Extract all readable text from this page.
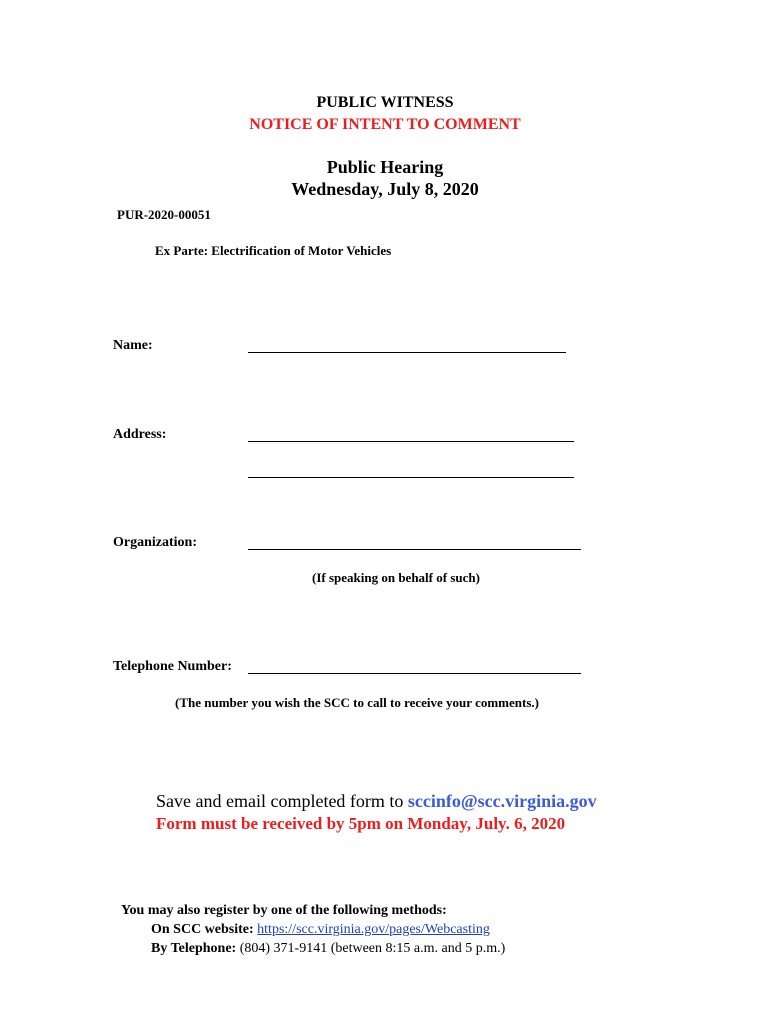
PUBLIC WITNESS
NOTICE OF INTENT TO COMMENT
Public Hearing
Wednesday, July 8, 2020
PUR-2020-00051
Ex Parte: Electrification of Motor Vehicles
Name:
Address:
Organization:
(If speaking on behalf of such)
Telephone Number:
(The number you wish the SCC to call to receive your comments.)
Save and email completed form to sccinfo@scc.virginia.gov
Form must be received by 5pm on Monday, July. 6, 2020
You may also register by one of the following methods:
On SCC website: https://scc.virginia.gov/pages/Webcasting
By Telephone: (804) 371-9141 (between 8:15 a.m. and 5 p.m.)
